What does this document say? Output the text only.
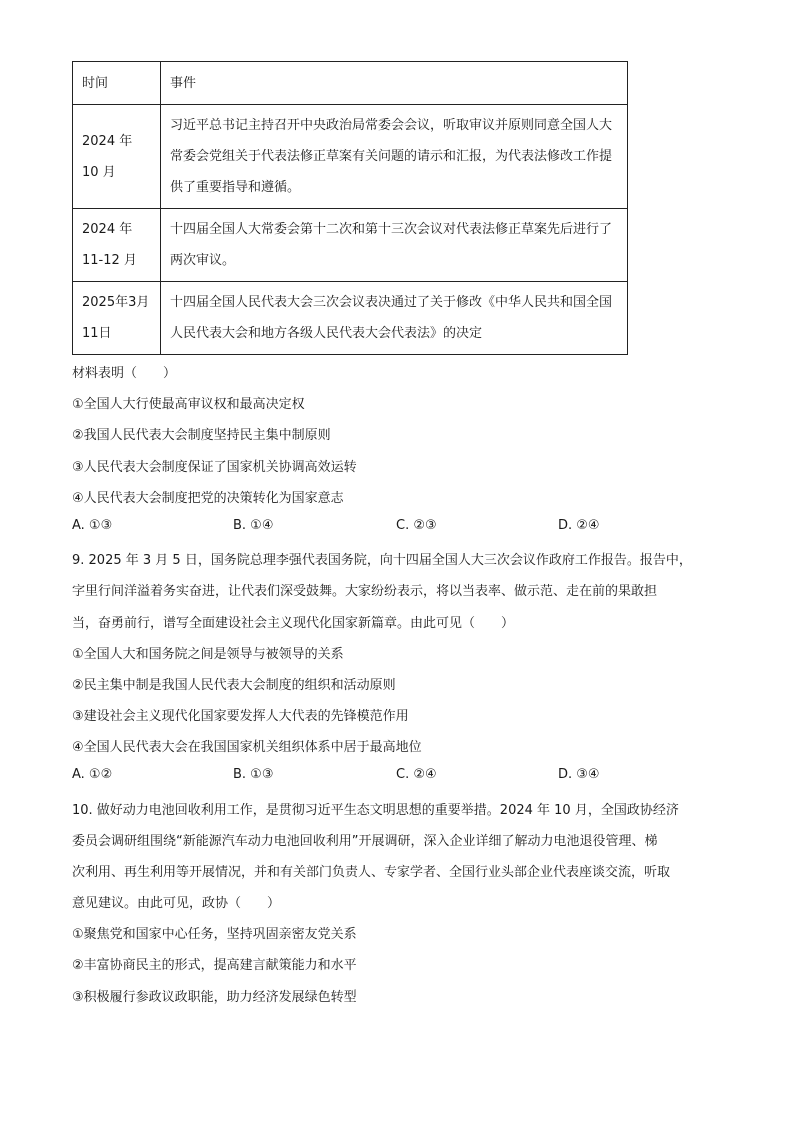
时间	事件
2024 年 10 月	习近平总书记主持召开中央政治局常委会会议，听取审议并原则同意全国人大常委会党组关于代表法修正草案有关问题的请示和汇报，为代表法修改工作提供了重要指导和遵循。
2024 年 11-12 月	十四届全国人大常委会第十二次和第十三次会议对代表法修正草案先后进行了两次审议。
2025年3月11日	十四届全国人民代表大会三次会议表决通过了关于修改《中华人民共和国全国人民代表大会和地方各级人民代表大会代表法》的决定
材料表明（　　）
①全国人大行使最高审议权和最高决定权
②我国人民代表大会制度坚持民主集中制原则
③人民代表大会制度保证了国家机关协调高效运转
④人民代表大会制度把党的决策转化为国家意志
A. ①③	B. ①④	C. ②③	D. ②④
9. 2025 年 3 月 5 日，国务院总理李强代表国务院，向十四届全国人大三次会议作政府工作报告。报告中，
字里行间洋溢着务实奋进，让代表们深受鼓舞。大家纷纷表示，将以当表率、做示范、走在前的果敢担
当，奋勇前行，谱写全面建设社会主义现代化国家新篇章。由此可见（　　）
①全国人大和国务院之间是领导与被领导的关系
②民主集中制是我国人民代表大会制度的组织和活动原则
③建设社会主义现代化国家要发挥人大代表的先锋模范作用
④全国人民代表大会在我国国家机关组织体系中居于最高地位
A. ①②	B. ①③	C. ②④	D. ③④
10. 做好动力电池回收利用工作，是贯彻习近平生态文明思想的重要举措。2024 年 10 月，全国政协经济
委员会调研组围绕“新能源汽车动力电池回收利用”开展调研，深入企业详细了解动力电池退役管理、梯
次利用、再生利用等开展情况，并和有关部门负责人、专家学者、全国行业头部企业代表座谈交流，听取
意见建议。由此可见，政协（　　）
①聚焦党和国家中心任务，坚持巩固亲密友党关系
②丰富协商民主的形式，提高建言献策能力和水平
③积极履行参政议政职能，助力经济发展绿色转型
